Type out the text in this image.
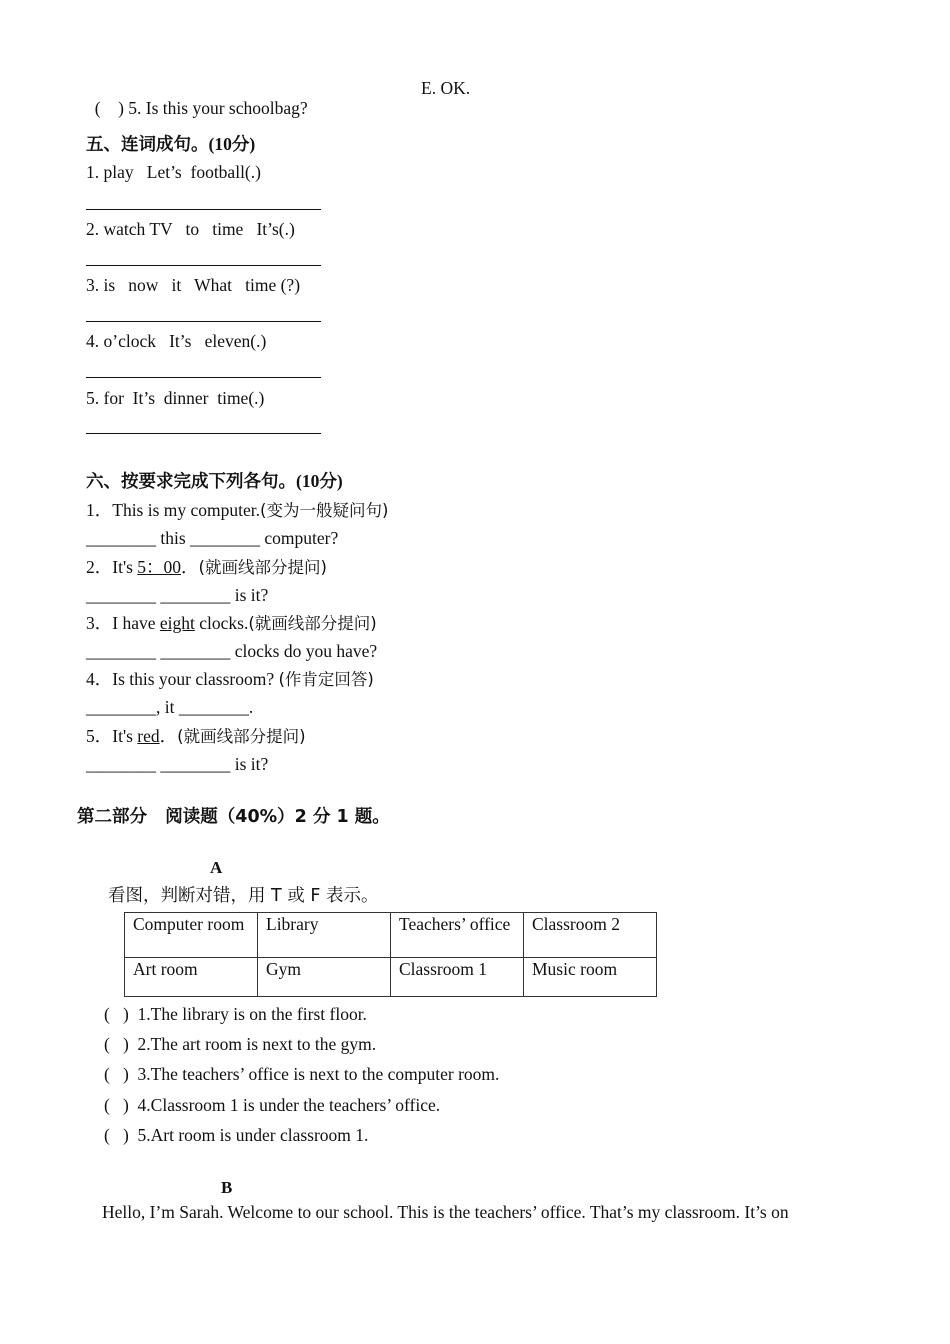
(    ) 5. Is this your schoolbag?

E. OK.
五、连词成句。(10分)
1. play   Let’s  football(.)
2. watch TV   to   time   It’s(.)
3. is   now   it   What   time (?)
4. o’clock   It’s   eleven(.)
5. for  It’s  dinner  time(.)
六、按要求完成下列各句。(10分)
1．This is my computer.(变为一般疑问句)
________ this ________ computer?
2．It's 5：00．(就画线部分提问)
________ ________ is it?
3．I have eight clocks.(就画线部分提问)
________ ________ clocks do you have?
4．Is this your classroom? (作肯定回答)
________, it ________.
5．It's red．(就画线部分提问)
________ ________ is it?
第二部分   阅读题（40%）2 分 1 题。
A
看图，判断对错，用 T 或 F 表示。
Computer room	Library	Teachers’ office	Classroom 2
Art room	Gym	Classroom 1	Music room
(   ) 1.The library is on the first floor.
(   ) 2.The art room is next to the gym.
(   ) 3.The teachers’ office is next to the computer room.
(   ) 4.Classroom 1 is under the teachers’ office.
(   ) 5.Art room is under classroom 1.
B
Hello, I’m Sarah. Welcome to our school. This is the teachers’ office. That’s my classroom. It’s on
